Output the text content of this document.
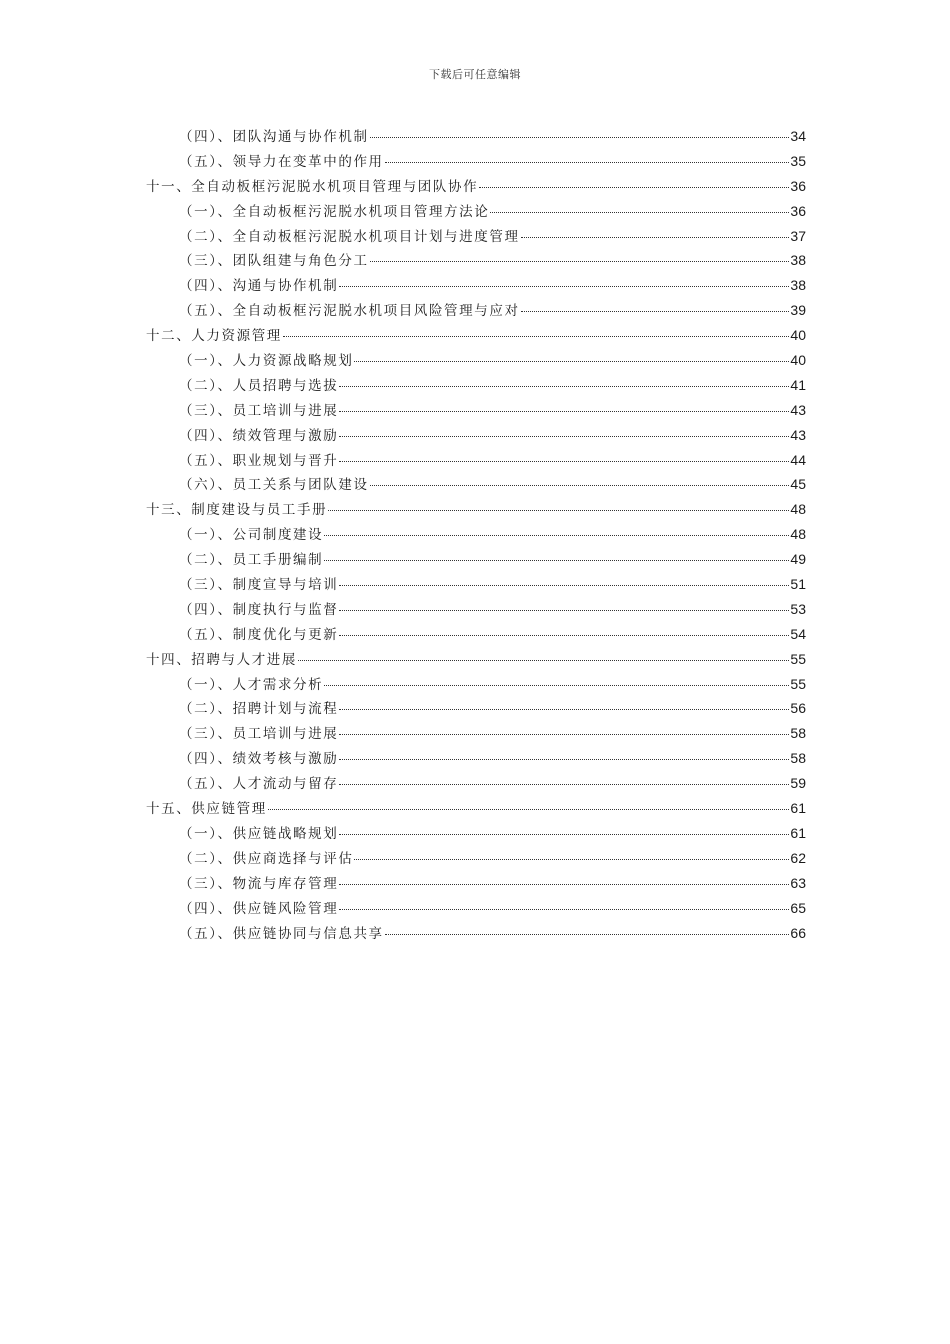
下载后可任意编辑
（四）、团队沟通与协作机制	34
（五）、领导力在变革中的作用	35
十一、全自动板框污泥脱水机项目管理与团队协作	36
（一）、全自动板框污泥脱水机项目管理方法论	36
（二）、全自动板框污泥脱水机项目计划与进度管理	37
（三）、团队组建与角色分工	38
（四）、沟通与协作机制	38
（五）、全自动板框污泥脱水机项目风险管理与应对	39
十二、人力资源管理	40
（一）、人力资源战略规划	40
（二）、人员招聘与选拔	41
（三）、员工培训与进展	43
（四）、绩效管理与激励	43
（五）、职业规划与晋升	44
（六）、员工关系与团队建设	45
十三、制度建设与员工手册	48
（一）、公司制度建设	48
（二）、员工手册编制	49
（三）、制度宣导与培训	51
（四）、制度执行与监督	53
（五）、制度优化与更新	54
十四、招聘与人才进展	55
（一）、人才需求分析	55
（二）、招聘计划与流程	56
（三）、员工培训与进展	58
（四）、绩效考核与激励	58
（五）、人才流动与留存	59
十五、供应链管理	61
（一）、供应链战略规划	61
（二）、供应商选择与评估	62
（三）、物流与库存管理	63
（四）、供应链风险管理	65
（五）、供应链协同与信息共享	66
